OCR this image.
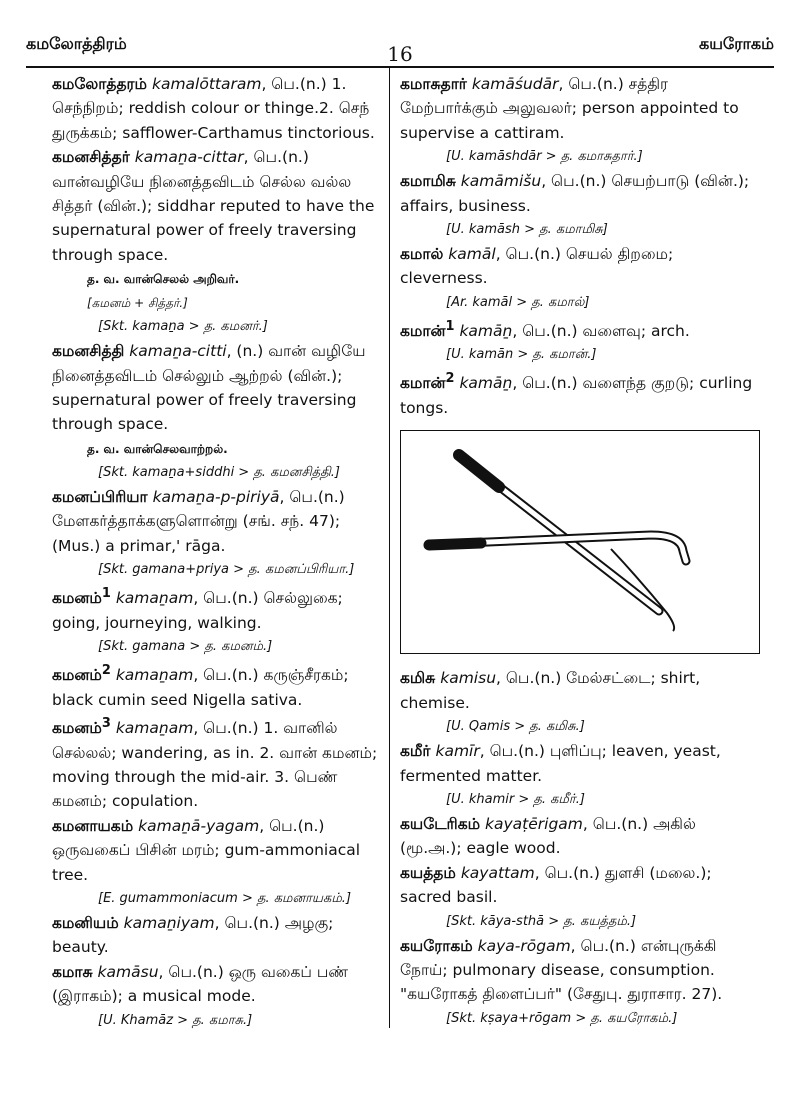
கமலோத்திரம்	16	கயரோகம்

கமலோத்தரம் kamalōttaram, பெ.(n.) 1. செந்நிறம்; reddish colour or thinge.2. செந் துருக்கம்; safflower-Carthamus tinctorious.

கமனசித்தர் kamaṉa-cittar, பெ.(n.) வான்வழியே நினைத்தவிடம் செல்ல வல்ல சித்தர் (வின்.); siddhar reputed to have the supernatural power of freely traversing through space.

த. வ. வான்செலல் அறிவர்.
[கமனம் + சித்தர்.]
[Skt. kamaṉa > த. கமனர்.]

கமனசித்தி kamaṉa-citti, (n.) வான் வழியே நினைத்தவிடம் செல்லும் ஆற்றல் (வின்.); supernatural power of freely traversing through space.

த. வ. வான்செலவாற்றல்.
[Skt. kamaṉa+siddhi > த. கமனசித்தி.]

கமனப்பிரியா kamaṉa-p-piriyā, பெ.(n.) மேளகர்த்தாக்களுளொன்று (சங். சந். 47); (Mus.) a primar,' rāga.

[Skt. gamana+priya > த. கமனப்பிரியா.]

கமனம்$^1$ kamaṉam, பெ.(n.) செல்லுகை; going, journeying, walking.

[Skt. gamana > த. கமனம்.]

கமனம்$^2$ kamaṉam, பெ.(n.) கருஞ்சீரகம்; black cumin seed Nigella sativa.

கமனம்$^3$ kamaṉam, பெ.(n.) 1. வானில் செல்லல்; wandering, as in. 2. வான் கமனம்; moving through the mid-air. 3. பெண் கமனம்; copulation.

கமனாயகம் kamaṉā-yagam, பெ.(n.) ஒருவகைப் பிசின் மரம்; gum-ammoniacal tree.

[E. gumammoniacum > த. கமனாயகம்.]

கமனியம் kamaṉiyam, பெ.(n.) அழகு; beauty.

கமாசு kamāsu, பெ.(n.) ஒரு வகைப் பண் (இராகம்); a musical mode.

[U. Khamāz > த. கமாசு.]

கமாசுதார் kamāśudār, பெ.(n.) சத்திர மேற்பார்க்கும் அலுவலர்; person appointed to supervise a cattiram.

[U. kamāshdār > த. கமாசுதார்.]

கமாமிசு kamāmišu, பெ.(n.) செயற்பாடு (வின்.); affairs, business.

[U. kamāsh > த. கமாமிசு]

கமால் kamāl, பெ.(n.) செயல் திறமை; cleverness.

[Ar. kamāl > த. கமால்]

கமான்$^1$ kamāṉ, பெ.(n.) வளைவு; arch.

[U. kamān > த. கமான்.]

கமான்$^2$ kamāṉ, பெ.(n.) வளைந்த குறடு; curling tongs.

கமிசு kamisu, பெ.(n.) மேல்சட்டை; shirt, chemise.

[U. Qamis > த. கமிசு.]

கமீர் kamīr, பெ.(n.) புளிப்பு; leaven, yeast, fermented matter.

[U. khamir > த. கமீர்.]

கயடேரிகம் kayaṭērigam, பெ.(n.) அகில் (மூ.அ.); eagle wood.

கயத்தம் kayattam, பெ.(n.) துளசி (மலை.); sacred basil.

[Skt. kāya-sthā > த. கயத்தம்.]

கயரோகம் kaya-rōgam, பெ.(n.) என்புருக்கி நோய்; pulmonary disease, consumption. "கயரோகத் திளைப்பர்" (சேதுபு. துராசார. 27).

[Skt. kṣaya+rōgam > த. கயரோகம்.]
